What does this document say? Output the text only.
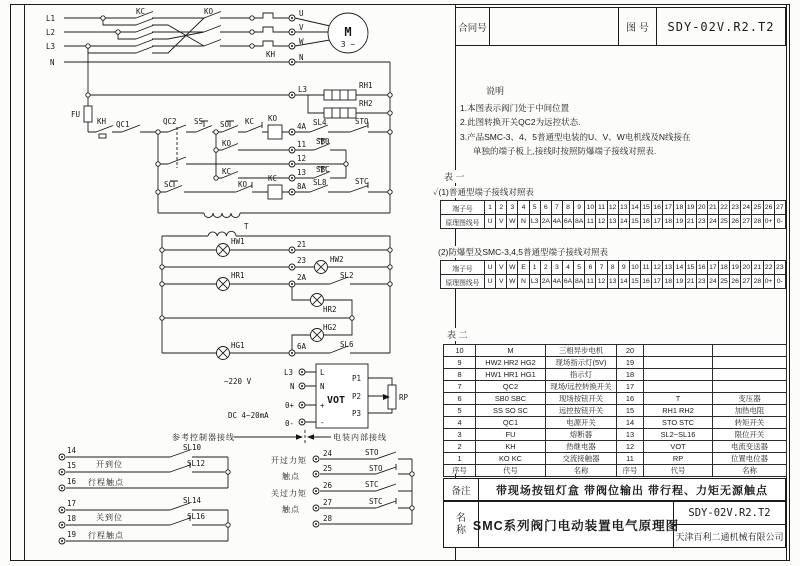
L1
L2
L3
N
KC	KO	U
V
W
N
KH
M
3 ~
L3	RH1
RH2
FU
KH QC1	QC2 SS SO KC KO
4A SL4	STO
KO	11 SB0
12
KC	13 SBC
SC	KO
KC
8A SL8	STC
T
HW1	21
23	HW2
HR1	2A	SL2
HR2
HG2
HG1	6A	SL6
~220 V
L3
N
0+
DC 4~20mA
0-
VOT
L
N
+
-
P1
P2
P3
RP
参考控制器接线	电装内部接线
开到位
行程触点
关到位
行程触点
14
15
16
17
18
19
SL10
SL12
SL14
SL16
开过力矩
触点
关过力矩
触点
24
25
26
27
28
STO
STO
STC
STC
合同号	图 号	SDY-02V.R2.T2
说明
1.本图表示阀门处于中间位置
2.此图转换开关QC2为远控状态.
3.产品SMC-3、4、5普通型电装的U、V、W电机线及N线接在
单独的端子板上,接线时按照防爆端子接线对照表.
表 一
✓(1)普通型端子接线对照表
端子号	1	2	3	4	5	6	7	8	9	10	11	12	13	14	15	16	17	18	19	20	21	22	23	24	25	26	27
原理图线号	U	V	W	N	L3	2A	4A	6A	8A	11	12	13	14	15	16	17	18	19	21	23	24	25	26	27	28	0+	0-
(2)防爆型及SMC-3,4,5普通型端子接线对照表
端子号	U	V	W	E	1	2	3	4	5	6	7	8	9	10	11	12	13	14	15	16	17	18	19	20	21	22	23
原理图线号	U	V	W	N	L3	2A	4A	6A	8A	11	12	13	14	15	16	17	18	19	21	23	24	25	26	27	28	0+	0-
表 二
10	M	三相异步电机	20		
9	HW2 HR2 HG2	现场指示灯(5V)	19		
8	HW1 HR1 HG1	指示灯	18		
7	QC2	现场/远控转换开关	17		
6	SB0 SBC	现场按钮开关	16	T	变压器
5	SS SO SC	远控按钮开关	15	RH1 RH2	加热电阻
4	QC1	电源开关	14	STO STC	转矩开关
3	FU	熔断器	13	SL2~SL16	限位开关
2	KH	热继电器	12	VOT	电流变送器
1	KO KC	交流接触器	11	RP	位置电位器
序号	代号	名称	序号	代号	名称
备注	带现场按钮灯盒 带阀位输出 带行程、力矩无源触点
名称 SMC系列阀门电动装置电气原理图
SDY-02V.R2.T2
天津百利二通机械有限公司
